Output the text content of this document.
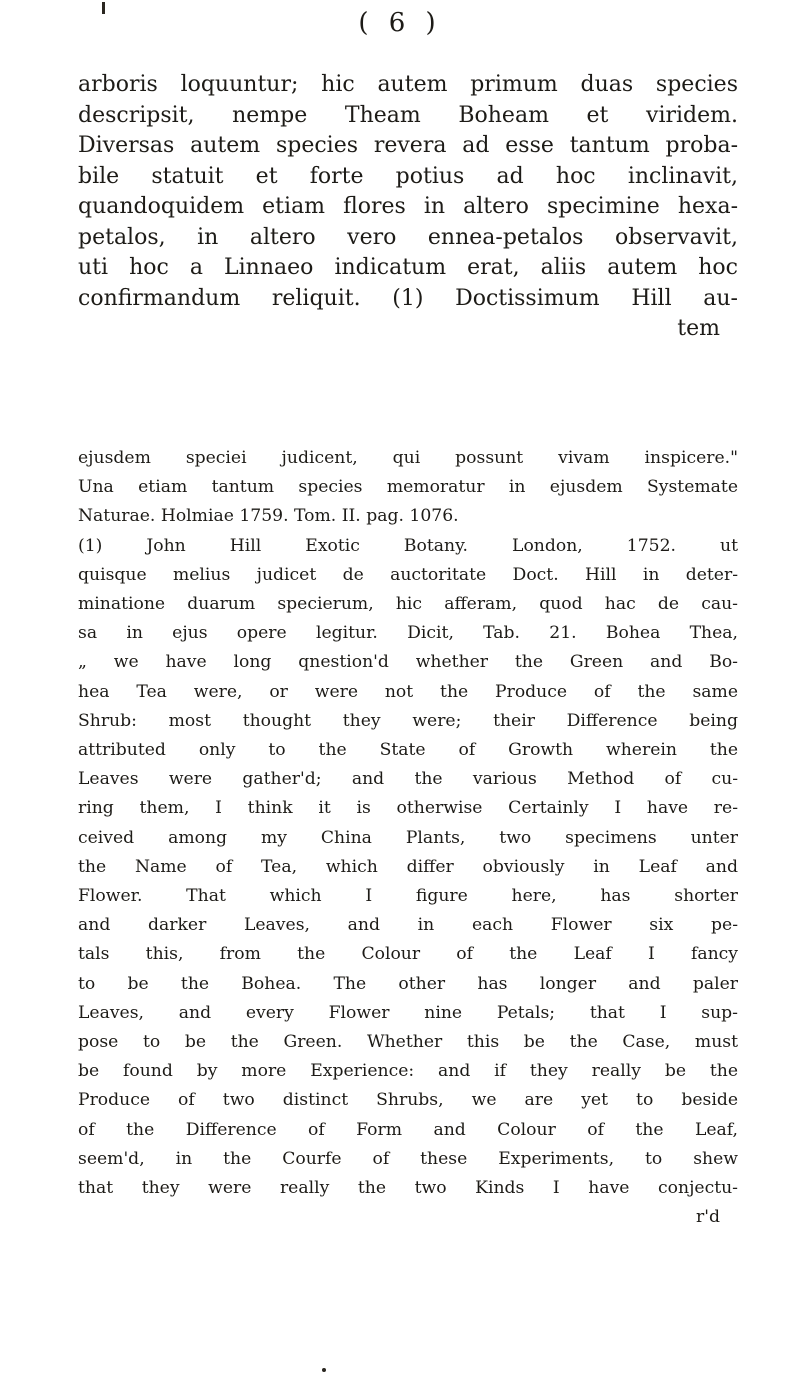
( 6 )
arboris loquuntur; hic autem primum duas species
descripsit, nempe Theam Boheam et viridem.
Diversas autem species revera ad esse tantum proba-
bile statuit et forte potius ad hoc inclinavit,
quandoquidem etiam flores in altero specimine hexa-
petalos, in altero vero ennea-petalos observavit,
uti hoc a Linnaeo indicatum erat, aliis autem hoc
confirmandum reliquit. (1) Doctissimum Hill au-
tem
ejusdem speciei judicent, qui possunt vivam inspicere."
Una etiam tantum species memoratur in ejusdem Systemate
Naturae. Holmiae 1759. Tom. II. pag. 1076.
(1) John Hill Exotic Botany. London, 1752. ut
quisque melius judicet de auctoritate Doct. Hill in deter-
minatione duarum specierum, hic afferam, quod hac de cau-
sa in ejus opere legitur. Dicit, Tab. 21. Bohea Thea,
„ we have long qnestion'd whether the Green and Bo-
hea Tea were, or were not the Produce of the same
Shrub: most thought they were; their Difference being
attributed only to the State of Growth wherein the
Leaves were gather'd; and the various Method of cu-
ring them, I think it is otherwise Certainly I have re-
ceived among my China Plants, two specimens unter
the Name of Tea, which differ obviously in Leaf and
Flower. That which I figure here, has shorter
and darker Leaves, and in each Flower six pe-
tals this, from the Colour of the Leaf I fancy
to be the Bohea. The other has longer and paler
Leaves, and every Flower nine Petals; that I sup-
pose to be the Green. Whether this be the Case, must
be found by more Experience: and if they really be the
Produce of two distinct Shrubs, we are yet to beside
of the Difference of Form and Colour of the Leaf,
seem'd, in the Courfe of these Experiments, to shew
that they were really the two Kinds I have conjectu-
r'd
